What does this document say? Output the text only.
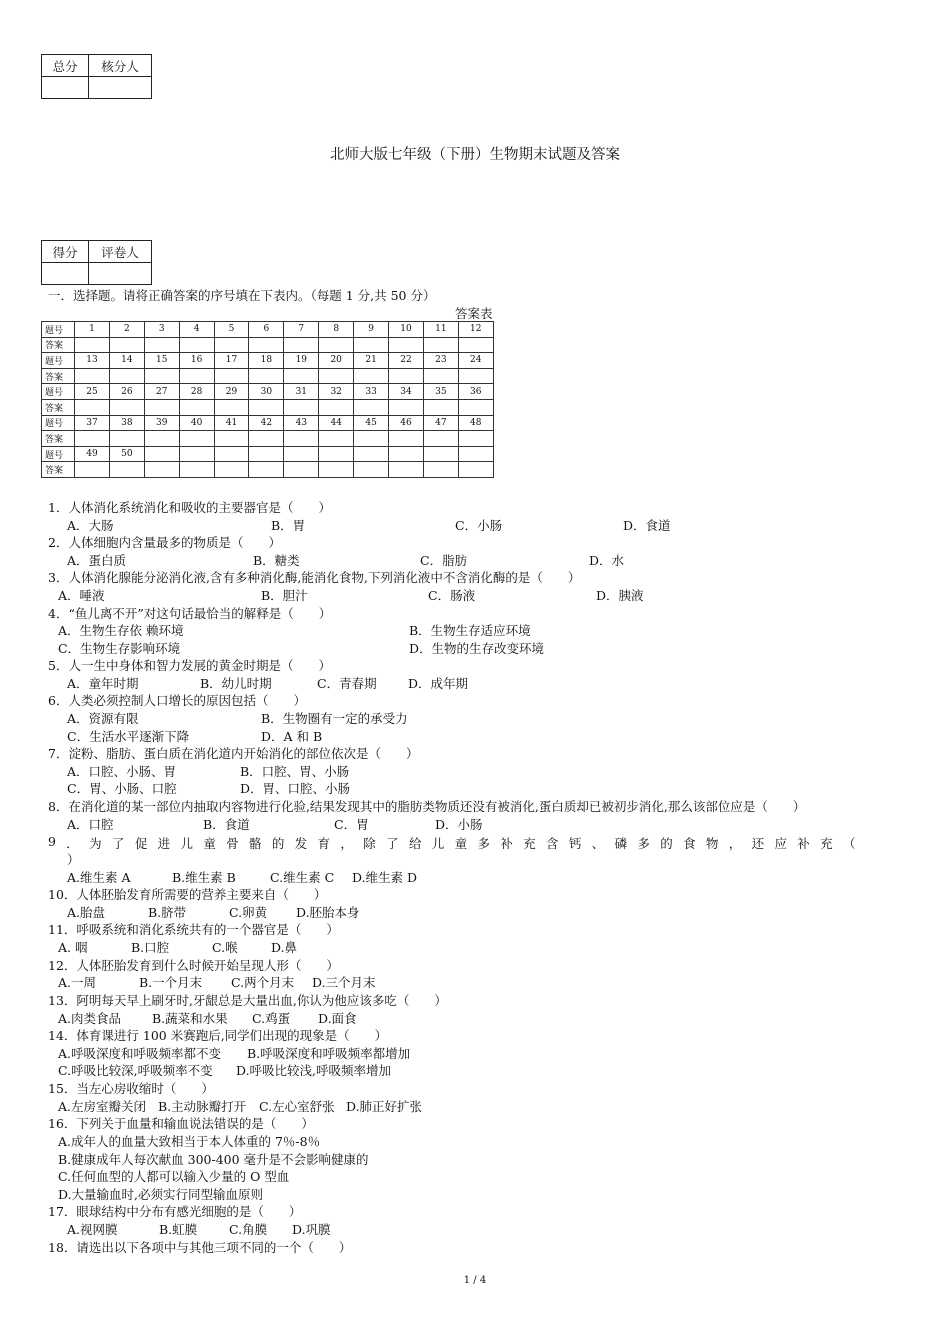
总分	核分人

北师大版七年级（下册）生物期末试题及答案
得分	评卷人

一．选择题。请将正确答案的序号填在下表内。（每题 1 分,共 50 分）
答案表
题号	1	2	3	4	5	6	7	8	9	10	11	12
答案												
题号	13	14	15	16	17	18	19	20	21	22	23	24
答案												
题号	25	26	27	28	29	30	31	32	33	34	35	36
答案												
题号	37	38	39	40	41	42	43	44	45	46	47	48
答案												
题号	49	50										
答案												
1．人体消化系统消化和吸收的主要器官是（　　）
A．大肠	B．胃	C．小肠	D．食道
2．人体细胞内含量最多的物质是（　　）
A．蛋白质	B．糖类	C．脂肪	D．水
3．人体消化腺能分泌消化液,含有多种消化酶,能消化食物,下列消化液中不含消化酶的是（　　）
A．唾液	B．胆汁	C．肠液	D．胰液
4．“鱼儿离不开”对这句话最恰当的解释是（　　）
A．生物生存依 赖环境	B．生物生存适应环境
C．生物生存影响环境	D．生物的生存改变环境
5．人一生中身体和智力发展的黄金时期是（　　）
A．童年时期	B．幼儿时期	C．青春期	D．成年期
6．人类必须控制人口增长的原因包括（　　）
A．资源有限	B．生物圈有一定的承受力
C．生活水平逐渐下降	D．A 和 B
7．淀粉、脂肪、蛋白质在消化道内开始消化的部位依次是（　　）
A．口腔、小肠、胃	B．口腔、胃、小肠
C．胃、小肠、口腔	D．胃、口腔、小肠
8．在消化道的某一部位内抽取内容物进行化验,结果发现其中的脂肪类物质还没有被消化,蛋白质却已被初步消化,那么该部位应是（　　）
A．口腔	B．食道	C．胃	D．小肠
9 ． 为 了 促 进 儿 童 骨 骼 的 发 育 ， 除 了 给 儿 童 多 补 充 含 钙 、 磷 多 的 食 物 ， 还 应 补 充 （
）
A.维生素 A	B.维生素 B	C.维生素 C D.维生素 D
10．人体胚胎发育所需要的营养主要来自（　　）
A.胎盘	B.脐带	C.卵黄 D.胚胎本身
11．呼吸系统和消化系统共有的一个器官是（　　）
A. 咽	B.口腔	C.喉	D.鼻
12．人体胚胎发育到什么时候开始呈现人形（　　）
A.一周	B.一个月末 C.两个月末 D.三个月末
13．阿明每天早上刷牙时,牙龈总是大量出血,你认为他应该多吃（　　）
A.肉类食品 B.蔬菜和水果 C.鸡蛋 D.面食
14．体育课进行 100 米赛跑后,同学们出现的现象是（　　）
A.呼吸深度和呼吸频率都不变 B.呼吸深度和呼吸频率都增加
C.呼吸比较深,呼吸频率不变 D.呼吸比较浅,呼吸频率增加
15．当左心房收缩时（　　）
A.左房室瓣关闭 B.主动脉瓣打开 C.左心室舒张 D.肺正好扩张
16．下列关于血量和输血说法错误的是（　　）
A.成年人的血量大致相当于本人体重的 7％-8％
B.健康成年人每次献血 300-400 毫升是不会影响健康的
C.任何血型的人都可以输入少量的 O 型血
D.大量输血时,必须实行同型输血原则
17．眼球结构中分布有感光细胞的是（　　）
A.视网膜	B.虹膜	C.角膜 D.巩膜
18．请选出以下各项中与其他三项不同的一个（　　）
1 / 4
